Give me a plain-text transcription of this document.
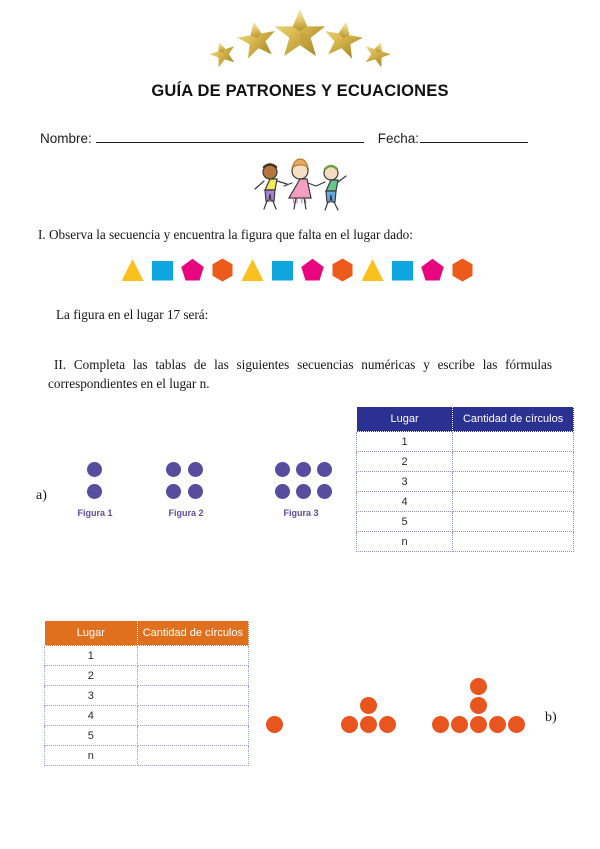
GUÍA DE PATRONES Y ECUACIONES
Nombre:	Fecha:
I. Observa la secuencia y encuentra la figura que falta en el lugar dado:
La figura en el lugar 17 será:
II. Completa las tablas de las siguientes secuencias numéricas y escribe las fórmulas correspondientes en el lugar n.
a)
Figura 1	Figura 2	Figura 3
Lugar	Cantidad de círculos
1	
2	
3	
4	
5	
n	
Lugar	Cantidad de círculos
1	
2	
3	
4	
5	
n	
b)
